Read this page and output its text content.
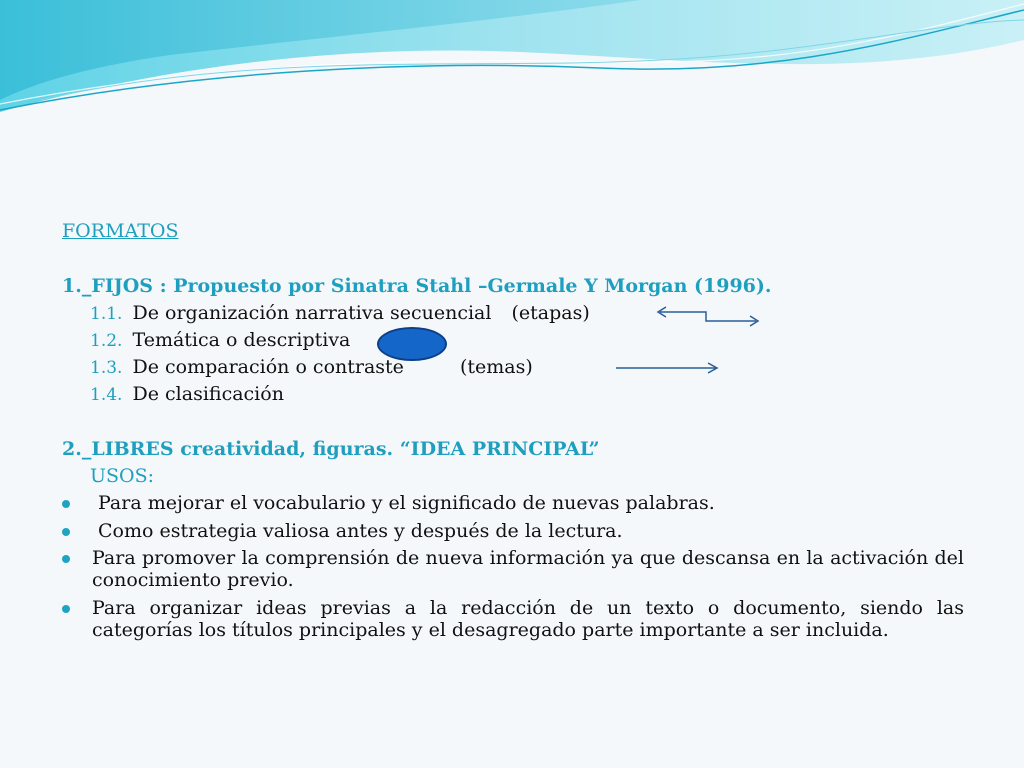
FORMATOS
1._FIJOS : Propuesto por Sinatra Stahl –Germale Y Morgan (1996).
1.1. De organización narrativa secuencial (etapas)
1.2. Temática o descriptiva
1.3. De comparación o contraste	(temas)
1.4. De clasificación
2._LIBRES creatividad, figuras. “IDEA PRINCIPAL”
USOS:
Para mejorar el vocabulario y el significado de nuevas palabras.
Como estrategia valiosa antes y después de la lectura.
Para promover la comprensión de nueva información ya que descansa en la activación del conocimiento previo.
Para organizar ideas previas a la redacción de un texto o documento, siendo las categorías los títulos principales y el desagregado parte importante a ser incluida.
